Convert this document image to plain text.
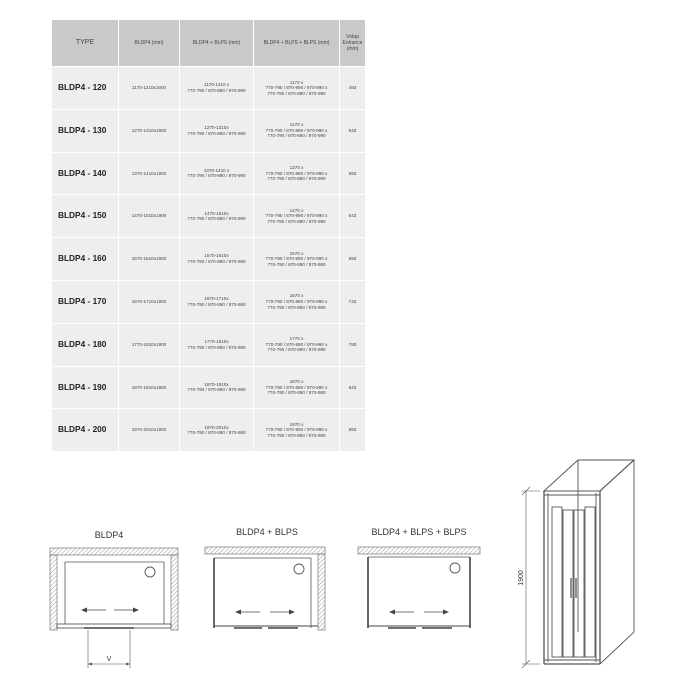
TYPE	BLDP4 (mm)	BLDP4 + BLPS (mm)	BLDP4 + BLPS + BLPS (mm)	Vstup
Entrance
(mm)
BLDP4 - 120	1170-1210x1900	1170-1210 x
770-790 / 870-890 / 970-990	1170 x
770-790 / 870-890 / 970-990 x
770-790 / 870-890 / 970-990	493
BLDP4 - 130	1270-1310x1900	1270-1310x
770-790 / 870-890 / 970-990	1270 x
770-790 / 870-890 / 970-990 x
770-790 / 870-890 / 970-990	543
BLDP4 - 140	1370-1410x1900	1370-1410 x
770-790 / 870-890 / 970-990	1370 x
770-790 / 870-890 / 970-990 x
770-790 / 870-890 / 970-990	593
BLDP4 - 150	1470-1510x1900	1470-1510x
770-790 / 870-890 / 970-990	1470 x
770-790 / 870-890 / 970-990 x
770-790 / 870-890 / 970-990	643
BLDP4 - 160	1570-1610x1900	1570-1610x
770-790 / 870-890 / 970-990	1570 x
770-790 / 870-890 / 970-990 x
770-790 / 870-890 / 970-990	693
BLDP4 - 170	1670-1710x1900	1670-1710x
770-790 / 870-890 / 970-990	1670 x
770-790 / 870-890 / 970-990 x
770-790 / 870-890 / 970-990	743
BLDP4 - 180	1770-1810x1900	1770-1810x
770-790 / 870-890 / 970-990	1770 x
770-790 / 870-890 / 970-990 x
770-790 / 870-890 / 970-990	793
BLDP4 - 190	1870-1910x1900	1870-1910x
770-790 / 870-890 / 970-990	1870 x
770-790 / 870-890 / 970-990 x
770-790 / 870-890 / 970-990	843
BLDP4 - 200	1970-2010x1900	1970-2010x
770-790 / 870-890 / 970-990	1970 x
770-790 / 870-890 / 970-990 x
770-790 / 870-890 / 970-990	893
BLDP4
V
BLDP4 + BLPS	BLDP4 + BLPS + BLPS
1900
